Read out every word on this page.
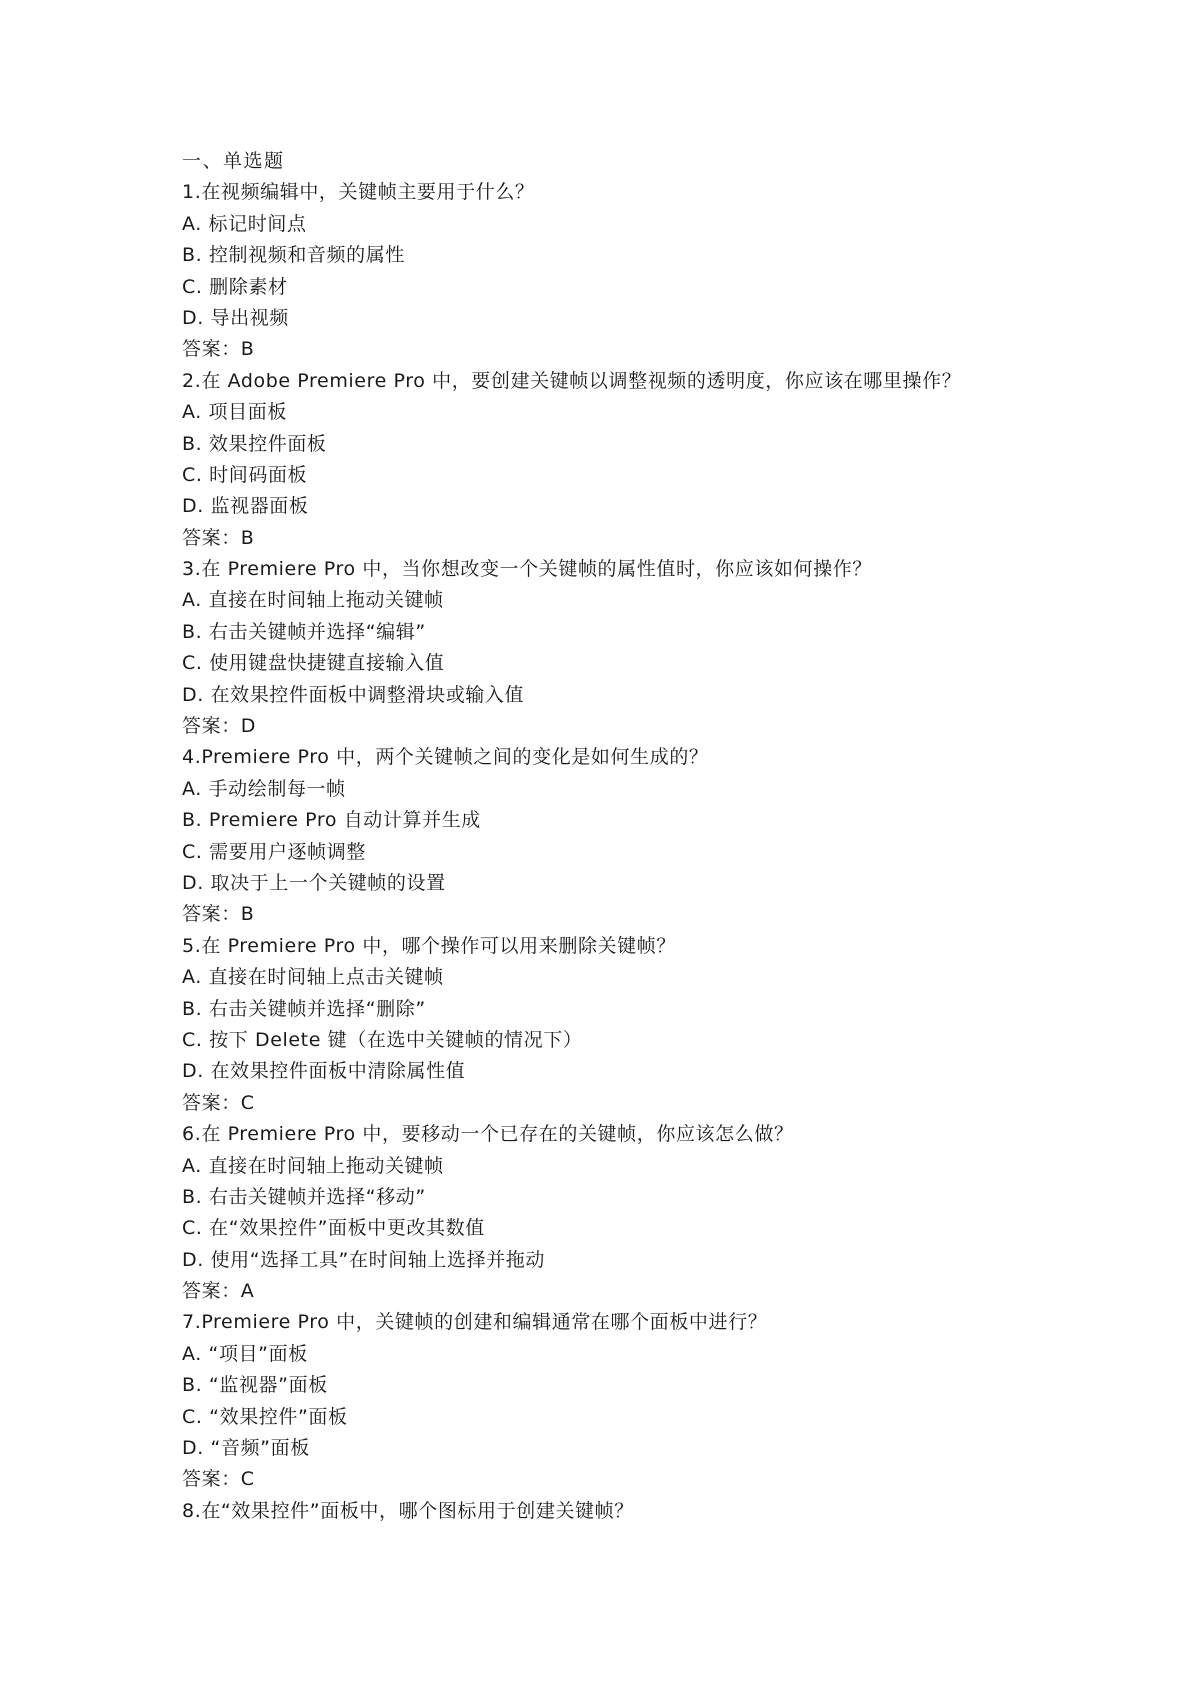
一、单选题
1.在视频编辑中，关键帧主要用于什么？
A. 标记时间点
B. 控制视频和音频的属性
C. 删除素材
D. 导出视频
答案：B
2.在 Adobe Premiere Pro 中，要创建关键帧以调整视频的透明度，你应该在哪里操作？
A. 项目面板
B. 效果控件面板
C. 时间码面板
D. 监视器面板
答案：B
3.在 Premiere Pro 中，当你想改变一个关键帧的属性值时，你应该如何操作？
A. 直接在时间轴上拖动关键帧
B. 右击关键帧并选择“编辑”
C. 使用键盘快捷键直接输入值
D. 在效果控件面板中调整滑块或输入值
答案：D
4.Premiere Pro 中，两个关键帧之间的变化是如何生成的？
A. 手动绘制每一帧
B. Premiere Pro 自动计算并生成
C. 需要用户逐帧调整
D. 取决于上一个关键帧的设置
答案：B
5.在 Premiere Pro 中，哪个操作可以用来删除关键帧？
A. 直接在时间轴上点击关键帧
B. 右击关键帧并选择“删除”
C. 按下 Delete 键（在选中关键帧的情况下）
D. 在效果控件面板中清除属性值
答案：C
6.在 Premiere Pro 中，要移动一个已存在的关键帧，你应该怎么做？
A. 直接在时间轴上拖动关键帧
B. 右击关键帧并选择“移动”
C. 在“效果控件”面板中更改其数值
D. 使用“选择工具”在时间轴上选择并拖动
答案：A
7.Premiere Pro 中，关键帧的创建和编辑通常在哪个面板中进行？
A. “项目”面板
B. “监视器”面板
C. “效果控件”面板
D. “音频”面板
答案：C
8.在“效果控件”面板中，哪个图标用于创建关键帧？
